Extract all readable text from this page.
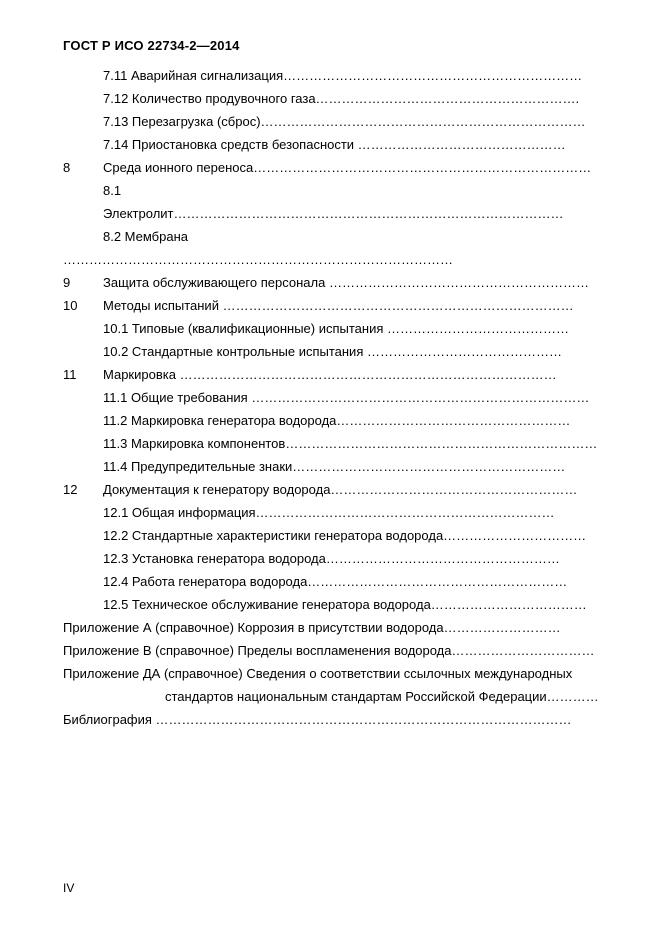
ГОСТ Р ИСО 22734-2—2014
7.11 Аварийная сигнализация……………………………………………………………
7.12 Количество продувочного газа…………………………………………………….
7.13 Перезагрузка (сброс)…………………………………………………………………
7.14 Приостановка средств безопасности …………………………………………
8	Среда ионного переноса……………………………………………………………………
8.1
Электролит………………………………………………………………………………
8.2 Мембрана
………………………………………………………………………………
9	Защита обслуживающего персонала ……………………………………………………
10 Методы испытаний ………………………………………………………………………
10.1 Типовые (квалификационные) испытания ……………………………………
10.2 Стандартные контрольные испытания ………………………………………
11 Маркировка ……………………………………………………………………………
11.1 Общие требования ……………………………………………………………………
11.2 Маркировка генератора водорода………………………………………………
11.3 Маркировка компонентов………………………………………………………………
11.4 Предупредительные знаки………………………………………………………
12 Документация к генератору водорода…………………………………………………
12.1 Общая информация……………………………………………………………
12.2 Стандартные характеристики генератора водорода……………………………
12.3 Установка генератора водорода………………………………………………
12.4 Работа генератора водорода……………………………………………………
12.5 Техническое обслуживание генератора водорода………………………………
Приложение А (справочное) Коррозия в присутствии водорода………………………
Приложение В (справочное) Пределы воспламенения водорода……………………………
Приложение ДА (справочное) Сведения о соответствии ссылочных международных
стандартов национальным стандартам Российской Федерации…………
Библиография ……………………………………………………………………………………
IV
